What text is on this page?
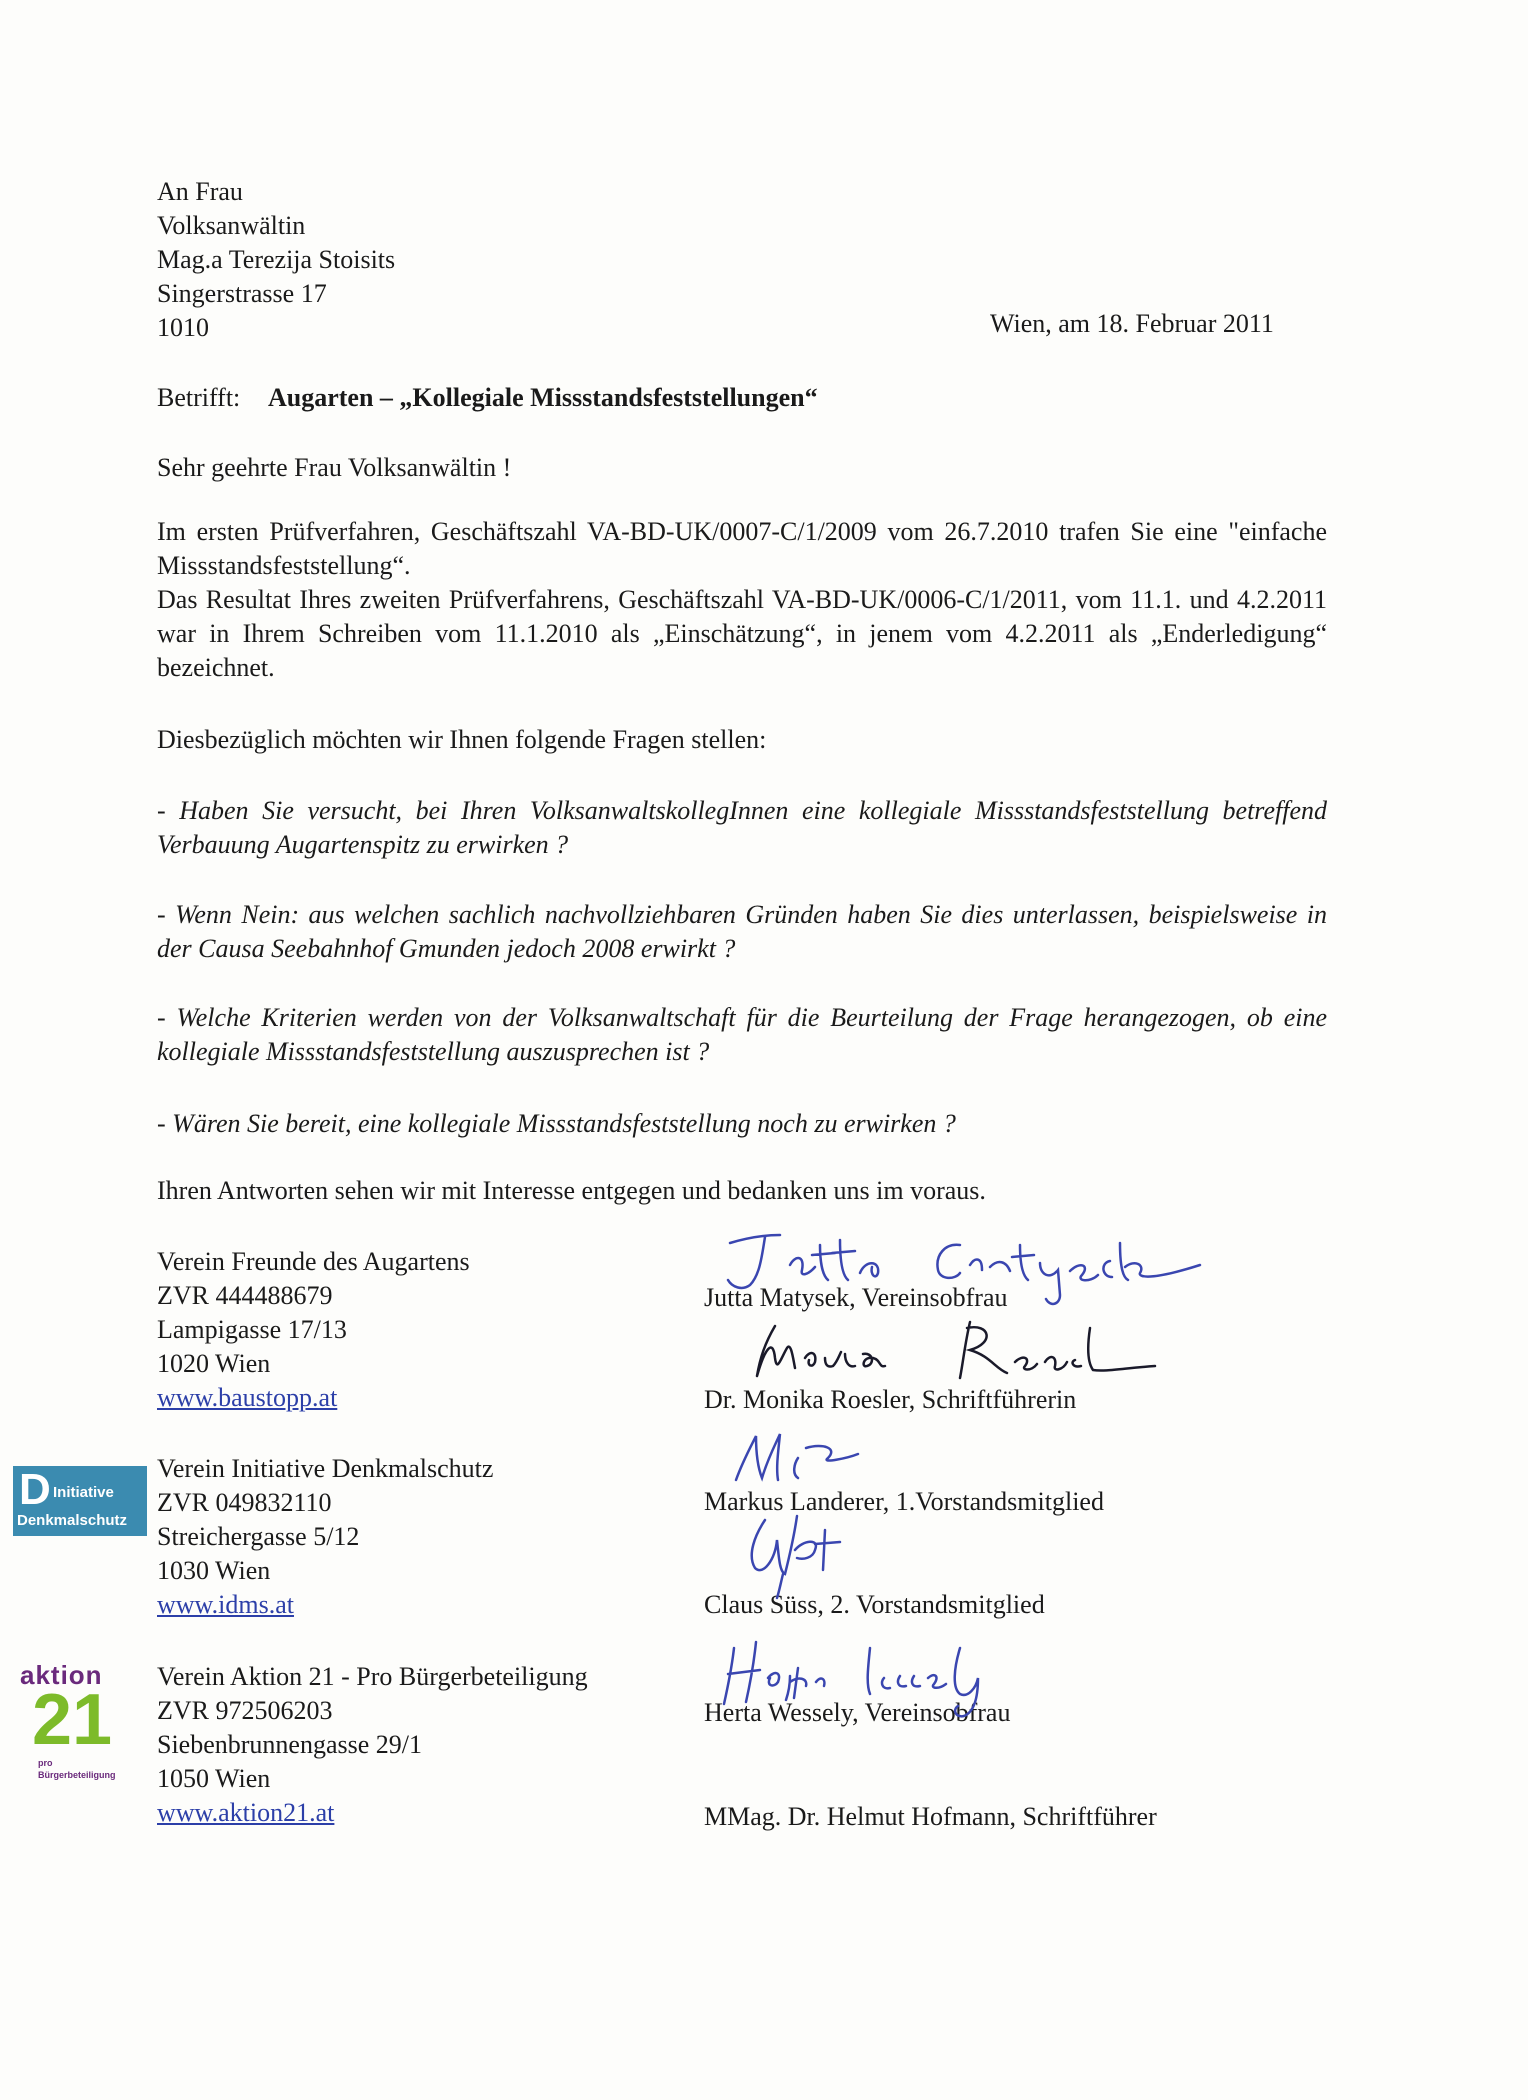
An Frau
Volksanwältin
Mag.a Terezija Stoisits
Singerstrasse 17
1010	Wien, am 18. Februar 2011
Betrifft: Augarten – „Kollegiale Missstandsfeststellungen“
Sehr geehrte Frau Volksanwältin !
Im ersten Prüfverfahren, Geschäftszahl VA-BD-UK/0007-C/1/2009 vom 26.7.2010 trafen Sie eine "einfache Missstandsfeststellung“.
Das Resultat Ihres zweiten Prüfverfahrens, Geschäftszahl VA-BD-UK/0006-C/1/2011, vom 11.1. und 4.2.2011 war in Ihrem Schreiben vom 11.1.2010 als „Einschätzung“, in jenem vom 4.2.2011 als „Enderledigung“ bezeichnet.
Diesbezüglich möchten wir Ihnen folgende Fragen stellen:
- Haben Sie versucht, bei Ihren VolksanwaltskollegInnen eine kollegiale Missstandsfeststellung betreffend Verbauung Augartenspitz zu erwirken ?
- Wenn Nein: aus welchen sachlich nachvollziehbaren Gründen haben Sie dies unterlassen, beispielsweise in der Causa Seebahnhof Gmunden jedoch 2008 erwirkt ?
- Welche Kriterien werden von der Volksanwaltschaft für die Beurteilung der Frage herangezogen, ob eine kollegiale Missstandsfeststellung auszusprechen ist ?
- Wären Sie bereit, eine kollegiale Missstandsfeststellung noch zu erwirken ?
Ihren Antworten sehen wir mit Interesse entgegen und bedanken uns im voraus.
Verein Freunde des Augartens
ZVR 444488679
Lampigasse 17/13
1020 Wien
www.baustopp.at
Verein Initiative Denkmalschutz
ZVR 049832110
Streichergasse 5/12
1030 Wien
www.idms.at
Verein Aktion 21 - Pro Bürgerbeteiligung
ZVR 972506203
Siebenbrunnengasse 29/1
1050 Wien
www.aktion21.at
D Initiative
Denkmalschutz
aktion
21
pro
Bürgerbeteiligung
Jutta Matysek, Vereinsobfrau
Dr. Monika Roesler, Schriftführerin
Markus Landerer, 1.Vorstandsmitglied
Claus Süss, 2. Vorstandsmitglied
Herta Wessely, Vereinsobfrau
MMag. Dr. Helmut Hofmann, Schriftführer
